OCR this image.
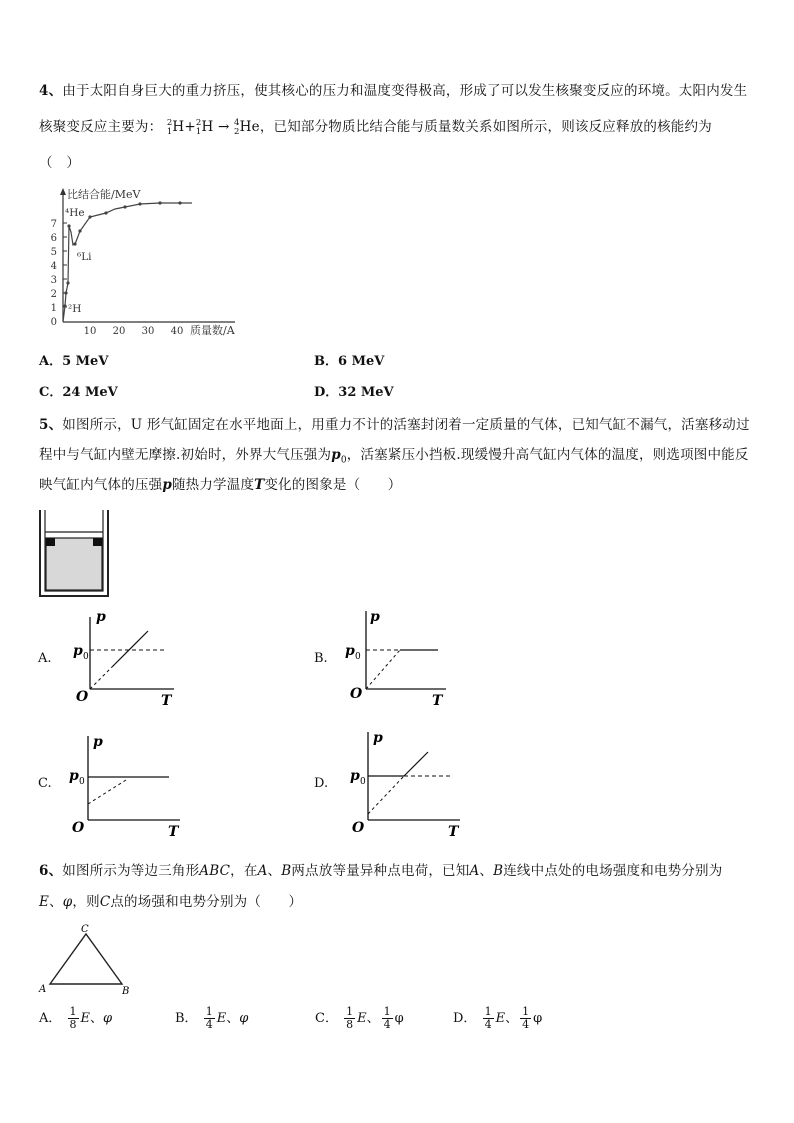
4、由于太阳自身巨大的重力挤压，使其核心的压力和温度变得极高，形成了可以发生核聚变反应的环境。太阳内发生
核聚变反应主要为： 2
1 H+ 2
1 H → 4
2 He，已知部分物质比结合能与质量数关系如图所示，则该反应释放的核能约为
（　）
比结合能/MeV
质量数/A
7
6
5
4
3
2
1
0
10 20 30 40
⁴He
⁶Li
²H
A．5 MeV	B．6 MeV
C．24 MeV	D．32 MeV
5、如图所示，U 形气缸固定在水平地面上，用重力不计的活塞封闭着一定质量的气体，已知气缸不漏气，活塞移动过
程中与气缸内壁无摩擦.初始时，外界大气压强为$p_0$，活塞紧压小挡板.现缓慢升高气缸内气体的温度，则选项图中能反
映气缸内气体的压强p随热力学温度T变化的图象是（　　）
A.
p
p 0
O	T
B.
p
p 0
O	T
C.
p
p 0
O	T
D.
p
p 0
O	T
6、如图所示为等边三角形ABC，在A、B两点放等量异种点电荷，已知A、B连线中点处的电场强度和电势分别为
E、φ，则C点的场强和电势分别为（　　）
C
A	B
A． $\frac{1}{8}$ E、φ	B． $\frac{1}{4}$ E、φ	C． $\frac{1}{8}$ E、 $\frac{1}{4}$ φ	D． $\frac{1}{4}$ E、 $\frac{1}{4}$ φ
